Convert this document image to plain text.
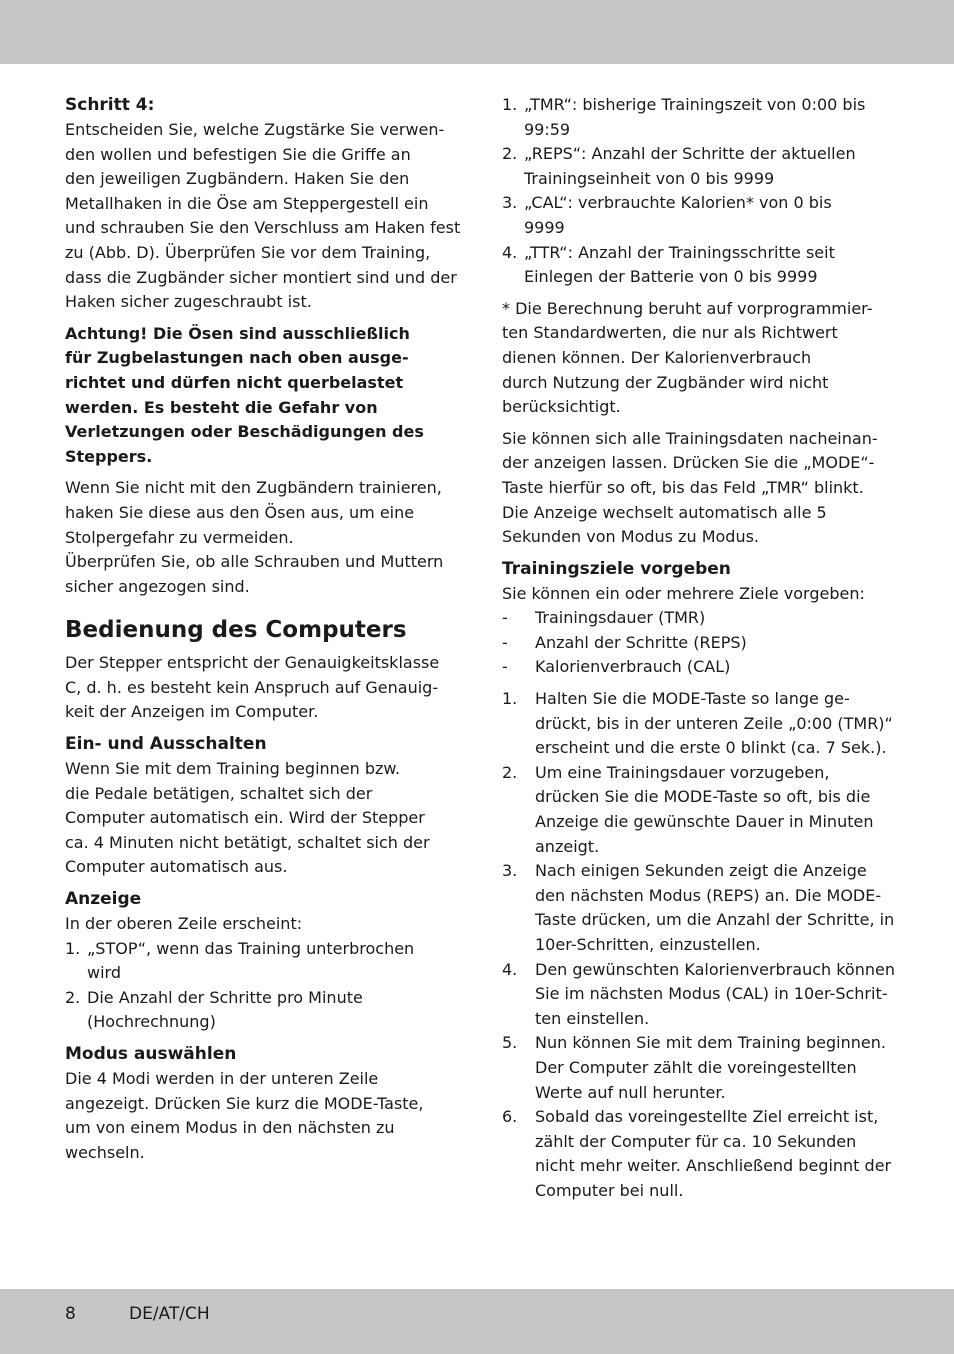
Schritt 4:
Entscheiden Sie, welche Zugstärke Sie verwen-
den wollen und befestigen Sie die Griffe an
den jeweiligen Zugbändern. Haken Sie den
Metallhaken in die Öse am Steppergestell ein
und schrauben Sie den Verschluss am Haken fest
zu (Abb. D). Überprüfen Sie vor dem Training,
dass die Zugbänder sicher montiert sind und der
Haken sicher zugeschraubt ist.
Achtung! Die Ösen sind ausschließlich
für Zugbelastungen nach oben ausge-
richtet und dürfen nicht querbelastet
werden. Es besteht die Gefahr von
Verletzungen oder Beschädigungen des
Steppers.
Wenn Sie nicht mit den Zugbändern trainieren,
haken Sie diese aus den Ösen aus, um eine
Stolpergefahr zu vermeiden.
Überprüfen Sie, ob alle Schrauben und Muttern
sicher angezogen sind.
Bedienung des Computers
Der Stepper entspricht der Genauigkeitsklasse
C, d. h. es besteht kein Anspruch auf Genauig-
keit der Anzeigen im Computer.
Ein- und Ausschalten
Wenn Sie mit dem Training beginnen bzw.
die Pedale betätigen, schaltet sich der
Computer automatisch ein. Wird der Stepper
ca. 4 Minuten nicht betätigt, schaltet sich der
Computer automatisch aus.
Anzeige
In der oberen Zeile erscheint:
1. „STOP“, wenn das Training unterbrochen
wird
2. Die Anzahl der Schritte pro Minute
(Hochrechnung)
Modus auswählen
Die 4 Modi werden in der unteren Zeile
angezeigt. Drücken Sie kurz die MODE-Taste,
um von einem Modus in den nächsten zu
wechseln.
1. „TMR“: bisherige Trainingszeit von 0:00 bis
99:59
2. „REPS“: Anzahl der Schritte der aktuellen
Trainingseinheit von 0 bis 9999
3. „CAL“: verbrauchte Kalorien* von 0 bis
9999
4. „TTR“: Anzahl der Trainingsschritte seit
Einlegen der Batterie von 0 bis 9999
* Die Berechnung beruht auf vorprogrammier-
ten Standardwerten, die nur als Richtwert
dienen können. Der Kalorienverbrauch
durch Nutzung der Zugbänder wird nicht
berücksichtigt.
Sie können sich alle Trainingsdaten nacheinan-
der anzeigen lassen. Drücken Sie die „MODE“-
Taste hierfür so oft, bis das Feld „TMR“ blinkt.
Die Anzeige wechselt automatisch alle 5
Sekunden von Modus zu Modus.
Trainingsziele vorgeben
Sie können ein oder mehrere Ziele vorgeben:
-	Trainingsdauer (TMR)
-	Anzahl der Schritte (REPS)
-	Kalorienverbrauch (CAL)
1.	Halten Sie die MODE-Taste so lange ge-
drückt, bis in der unteren Zeile „0:00 (TMR)“
erscheint und die erste 0 blinkt (ca. 7 Sek.).
2.	Um eine Trainingsdauer vorzugeben,
drücken Sie die MODE-Taste so oft, bis die
Anzeige die gewünschte Dauer in Minuten
anzeigt.
3.	Nach einigen Sekunden zeigt die Anzeige
den nächsten Modus (REPS) an. Die MODE-
Taste drücken, um die Anzahl der Schritte, in
10er-Schritten, einzustellen.
4.	Den gewünschten Kalorienverbrauch können
Sie im nächsten Modus (CAL) in 10er-Schrit-
ten einstellen.
5.	Nun können Sie mit dem Training beginnen.
Der Computer zählt die voreingestellten
Werte auf null herunter.
6.	Sobald das voreingestellte Ziel erreicht ist,
zählt der Computer für ca. 10 Sekunden
nicht mehr weiter. Anschließend beginnt der
Computer bei null.
8	DE/AT/CH
